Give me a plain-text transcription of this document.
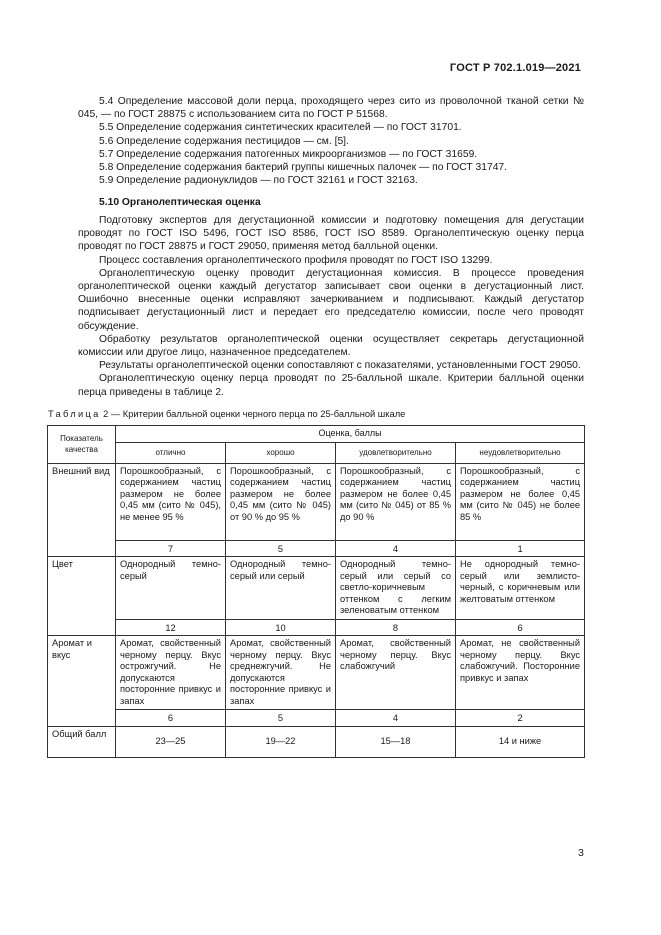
ГОСТ Р 702.1.019—2021

5.4 Определение массовой доли перца, проходящего через сито из проволочной тканой сетки № 045, — по ГОСТ 28875 с использованием сита по ГОСТ Р 51568.

5.5 Определение содержания синтетических красителей — по ГОСТ 31701.

5.6 Определение содержания пестицидов — см. [5].

5.7 Определение содержания патогенных микроорганизмов — по ГОСТ 31659.

5.8 Определение содержания бактерий группы кишечных палочек — по ГОСТ 31747.

5.9 Определение радионуклидов — по ГОСТ 32161 и ГОСТ 32163.

5.10 Органолептическая оценка

Подготовку экспертов для дегустационной комиссии и подготовку помещения для дегустации проводят по ГОСТ ISO 5496, ГОСТ ISO 8586, ГОСТ ISO 8589. Органолептическую оценку перца проводят по ГОСТ 28875 и ГОСТ 29050, применяя метод балльной оценки.

Процесс составления органолептического профиля проводят по ГОСТ ISO 13299.

Органолептическую оценку проводит дегустационная комиссия. В процессе проведения органолептической оценки каждый дегустатор записывает свои оценки в дегустационный лист. Ошибочно внесенные оценки исправляют зачеркиванием и подписывают. Каждый дегустатор подписывает дегустационный лист и передает его председателю комиссии, после чего проводят обсуждение.

Обработку результатов органолептической оценки осуществляет секретарь дегустационной комиссии или другое лицо, назначенное председателем.

Результаты органолептической оценки сопоставляют с показателями, установленными ГОСТ 29050.

Органолептическую оценку перца проводят по 25-балльной шкале. Критерии балльной оценки перца приведены в таблице 2.

Таблица 2 — Критерии балльной оценки черного перца по 25-балльной шкале
Показатель качества	Оценка, баллы			
	отлично	хорошо	удовлетворительно	неудовлетворительно
Внешний вид	Порошкообразный, с содержанием частиц размером не более 0,45 мм (сито № 045), не менее 95 %	Порошкообразный, с содержанием частиц размером не более 0,45 мм (сито № 045) от 90 % до 95 %	Порошкообразный, с содержанием частиц размером не более 0,45 мм (сито № 045) от 85 % до 90 %	Порошкообразный, с содержанием частиц размером не более 0,45 мм (сито № 045) не более 85 %
	7	5	4	1
Цвет	Однородный темно-серый	Однородный темно-серый или серый	Однородный темно-серый или серый со светло-коричневым оттенком с легким зеленоватым оттенком	Не однородный темно-серый или землисто-черный, с коричневым или желтоватым оттенком
	12	10	8	6
Аромат и вкус	Аромат, свойственный черному перцу. Вкус острожгучий. Не допускаются посторонние привкус и запах	Аромат, свойственный черному перцу. Вкус среднежгучий. Не допускаются посторонние привкус и запах	Аромат, свойственный черному перцу. Вкус слабожгучий	Аромат, не свойственный черному перцу. Вкус слабожгучий. Посторонние привкус и запах
	6	5	4	2
Общий балл	23—25	19—22	15—18	14 и ниже
3
